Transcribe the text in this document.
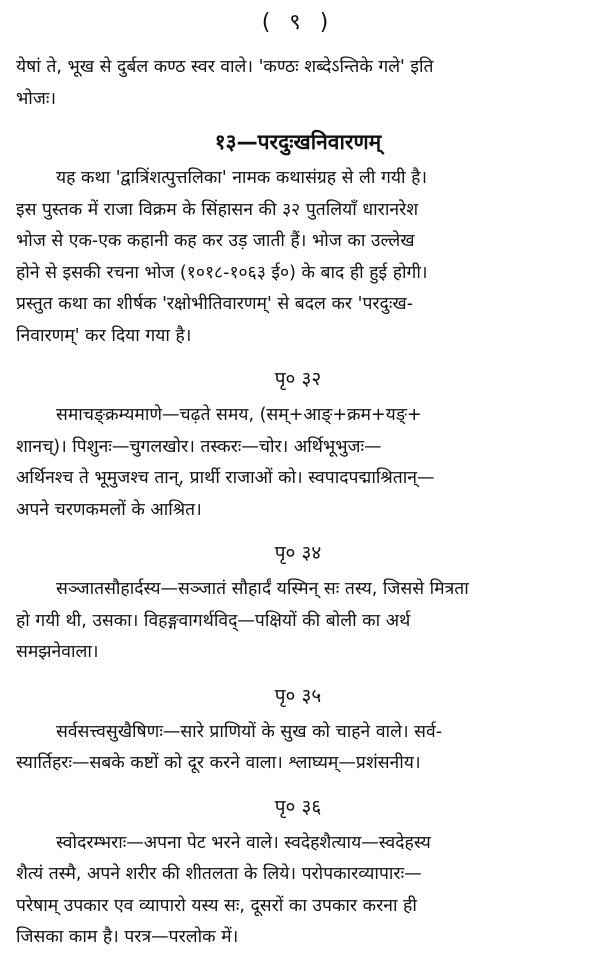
( ९ )

येषां ते, भूख से दुर्बल कण्ठ स्वर वाले। 'कण्ठः शब्देऽन्तिके गले' इति
भोजः।

१३—परदुःखनिवारणम्

यह कथा 'द्वात्रिंशत्पुत्तलिका' नामक कथासंग्रह से ली गयी है।
इस पुस्तक में राजा विक्रम के सिंहासन की ३२ पुतलियाँ धारानरेश
भोज से एक-एक कहानी कह कर उड़ जाती हैं। भोज का उल्लेख
होने से इसकी रचना भोज (१०१८-१०६३ ई०) के बाद ही हुई होगी।
प्रस्तुत कथा का शीर्षक 'रक्षोभीतिवारणम्' से बदल कर 'परदुःख-
निवारणम्' कर दिया गया है।

पृ० ३२

समाचङ्क्रम्यमाणे—चढ़ते समय, (सम्+आङ्+क्रम+यङ्+
शानच्)। पिशुनः—चुगलखोर। तस्करः—चोर। अर्थिभूभुजः—
अर्थिनश्च ते भूमुजश्च तान्, प्रार्थी राजाओं को। स्वपादपद्माश्रितान्—
अपने चरणकमलों के आश्रित।

पृ० ३४

सञ्जातसौहार्दस्य—सञ्जातं सौहार्दं यस्मिन् सः तस्य, जिससे मित्रता
हो गयी थी, उसका। विहङ्गवागर्थविद्—पक्षियों की बोली का अर्थ
समझनेवाला।

पृ० ३५

सर्वसत्त्वसुखैषिणः—सारे प्राणियों के सुख को चाहने वाले। सर्व-
स्यार्तिहरः—सबके कष्टों को दूर करने वाला। श्लाघ्यम्—प्रशंसनीय।

पृ० ३६

स्वोदरम्भराः—अपना पेट भरने वाले। स्वदेहशैत्याय—स्वदेहस्य
शैत्यं तस्मै, अपने शरीर की शीतलता के लिये। परोपकारव्यापारः—
परेषाम् उपकार एव व्यापारो यस्य सः, दूसरों का उपकार करना ही
जिसका काम है। परत्र—परलोक में।
